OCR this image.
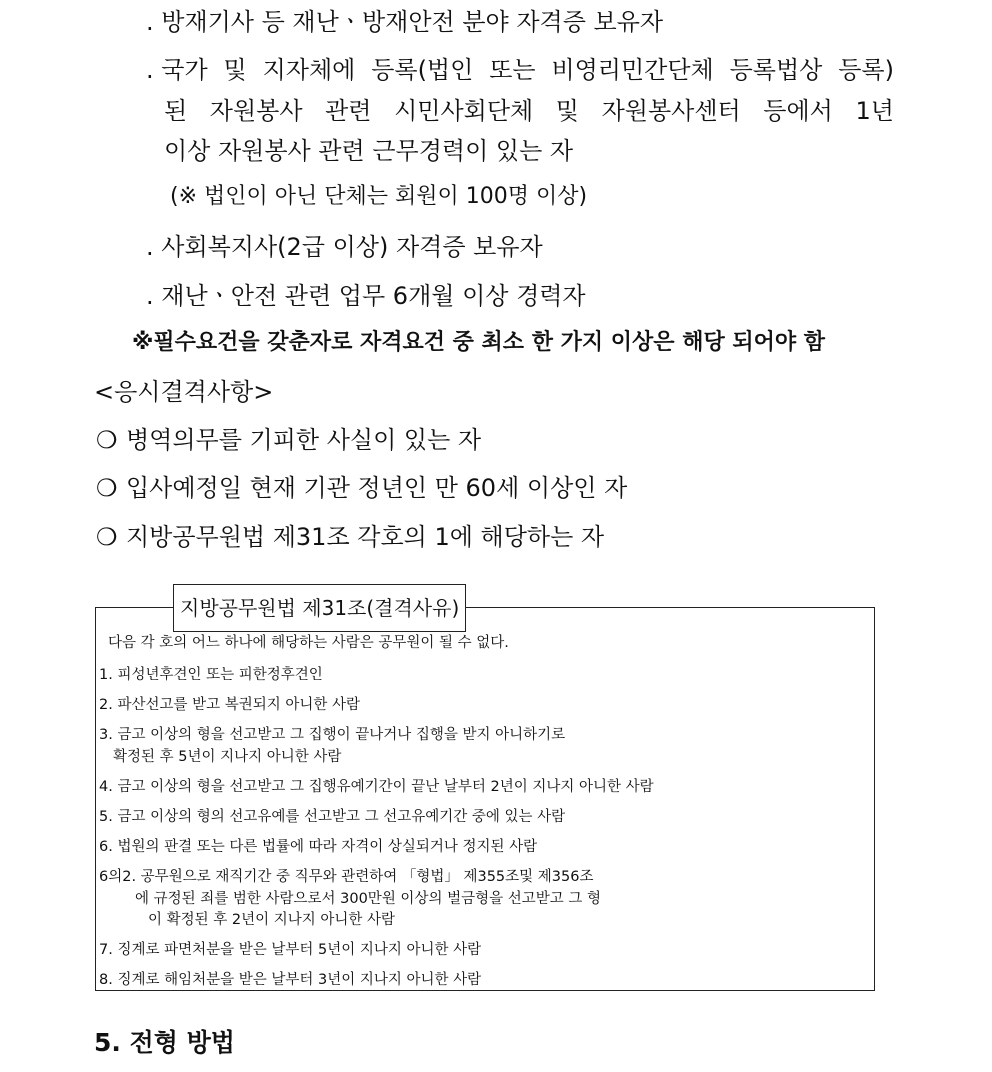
. 방재기사 등 재난ㆍ방재안전 분야 자격증 보유자
. 국가 및 지자체에 등록(법인 또는 비영리민간단체 등록법상 등록)
된 자원봉사 관련 시민사회단체 및 자원봉사센터 등에서 1년
이상 자원봉사 관련 근무경력이 있는 자
(※ 법인이 아닌 단체는 회원이 100명 이상)
. 사회복지사(2급 이상) 자격증 보유자
. 재난ㆍ안전 관련 업무 6개월 이상 경력자
※필수요건을 갖춘자로 자격요건 중 최소 한 가지 이상은 해당 되어야 함
<응시결격사항>
❍ 병역의무를 기피한 사실이 있는 자
❍ 입사예정일 현재 기관 정년인 만 60세 이상인 자
❍ 지방공무원법 제31조 각호의 1에 해당하는 자
지방공무원법 제31조(결격사유)
다음 각 호의 어느 하나에 해당하는 사람은 공무원이 될 수 없다.
1. 피성년후견인 또는 피한정후견인
2. 파산선고를 받고 복권되지 아니한 사람
3. 금고 이상의 형을 선고받고 그 집행이 끝나거나 집행을 받지 아니하기로
확정된 후 5년이 지나지 아니한 사람
4. 금고 이상의 형을 선고받고 그 집행유예기간이 끝난 날부터 2년이 지나지 아니한 사람
5. 금고 이상의 형의 선고유예를 선고받고 그 선고유예기간 중에 있는 사람
6. 법원의 판결 또는 다른 법률에 따라 자격이 상실되거나 정지된 사람
6의2. 공무원으로 재직기간 중 직무와 관련하여 「형법」 제355조및 제356조
에 규정된 죄를 범한 사람으로서 300만원 이상의 벌금형을 선고받고 그 형
이 확정된 후 2년이 지나지 아니한 사람
7. 징계로 파면처분을 받은 날부터 5년이 지나지 아니한 사람
8. 징계로 해임처분을 받은 날부터 3년이 지나지 아니한 사람
5. 전형 방법
